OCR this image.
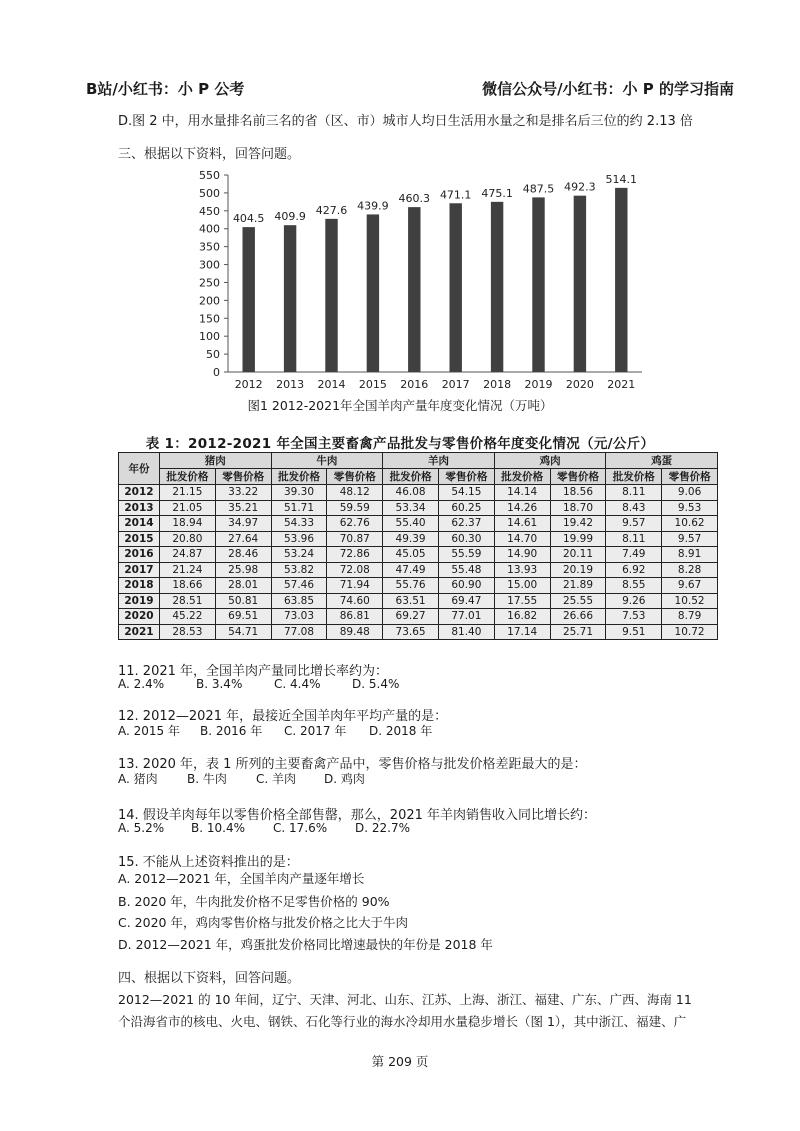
B站/小红书：小 P 公考	微信公众号/小红书：小 P 的学习指南
D.图 2 中，用水量排名前三名的省（区、市）城市人均日生活用水量之和是排名后三位的约 2.13 倍
三、根据以下资料，回答问题。
0
50
100
150
200
250
300
350
400
450
500
550
404.5
2012
409.9
2013
427.6
2014
439.9
2015
460.3
2016
471.1
2017
475.1
2018
487.5
2019
492.3
2020
514.1
2021
图1 2012-2021年全国羊肉产量年度变化情况（万吨）
表 1：2012-2021 年全国主要畜禽产品批发与零售价格年度变化情况（元/公斤）
年份	猪肉		牛肉		羊肉		鸡肉		鸡蛋	
	批发价格	零售价格	批发价格	零售价格	批发价格	零售价格	批发价格	零售价格	批发价格	零售价格
2012	21.15	33.22	39.30	48.12	46.08	54.15	14.14	18.56	8.11	9.06
2013	21.05	35.21	51.71	59.59	53.34	60.25	14.26	18.70	8.43	9.53
2014	18.94	34.97	54.33	62.76	55.40	62.37	14.61	19.42	9.57	10.62
2015	20.80	27.64	53.96	70.87	49.39	60.30	14.70	19.99	8.11	9.57
2016	24.87	28.46	53.24	72.86	45.05	55.59	14.90	20.11	7.49	8.91
2017	21.24	25.98	53.82	72.08	47.49	55.48	13.93	20.19	6.92	8.28
2018	18.66	28.01	57.46	71.94	55.76	60.90	15.00	21.89	8.55	9.67
2019	28.51	50.81	63.85	74.60	63.51	69.47	17.55	25.55	9.26	10.52
2020	45.22	69.51	73.03	86.81	69.27	77.01	16.82	26.66	7.53	8.79
2021	28.53	54.71	77.08	89.48	73.65	81.40	17.14	25.71	9.51	10.72
11. 2021 年，全国羊肉产量同比增长率约为：
A. 2.4%	B. 3.4%	C. 4.4%	D. 5.4%
12. 2012—2021 年，最接近全国羊肉年平均产量的是：
A. 2015 年 B. 2016 年 C. 2017 年 D. 2018 年
13. 2020 年，表 1 所列的主要畜禽产品中，零售价格与批发价格差距最大的是：
A. 猪肉 B. 牛肉 C. 羊肉 D. 鸡肉
14. 假设羊肉每年以零售价格全部售罄，那么，2021 年羊肉销售收入同比增长约：
A. 5.2% B. 10.4% C. 17.6% D. 22.7%
15. 不能从上述资料推出的是：
A. 2012—2021 年，全国羊肉产量逐年增长
B. 2020 年，牛肉批发价格不足零售价格的 90%
C. 2020 年，鸡肉零售价格与批发价格之比大于牛肉
D. 2012—2021 年，鸡蛋批发价格同比增速最快的年份是 2018 年
四、根据以下资料，回答问题。
2012—2021 的 10 年间，辽宁、天津、河北、山东、江苏、上海、浙江、福建、广东、广西、海南 11
个沿海省市的核电、火电、钢铁、石化等行业的海水冷却用水量稳步增长（图 1），其中浙江、福建、广
第 209 页
